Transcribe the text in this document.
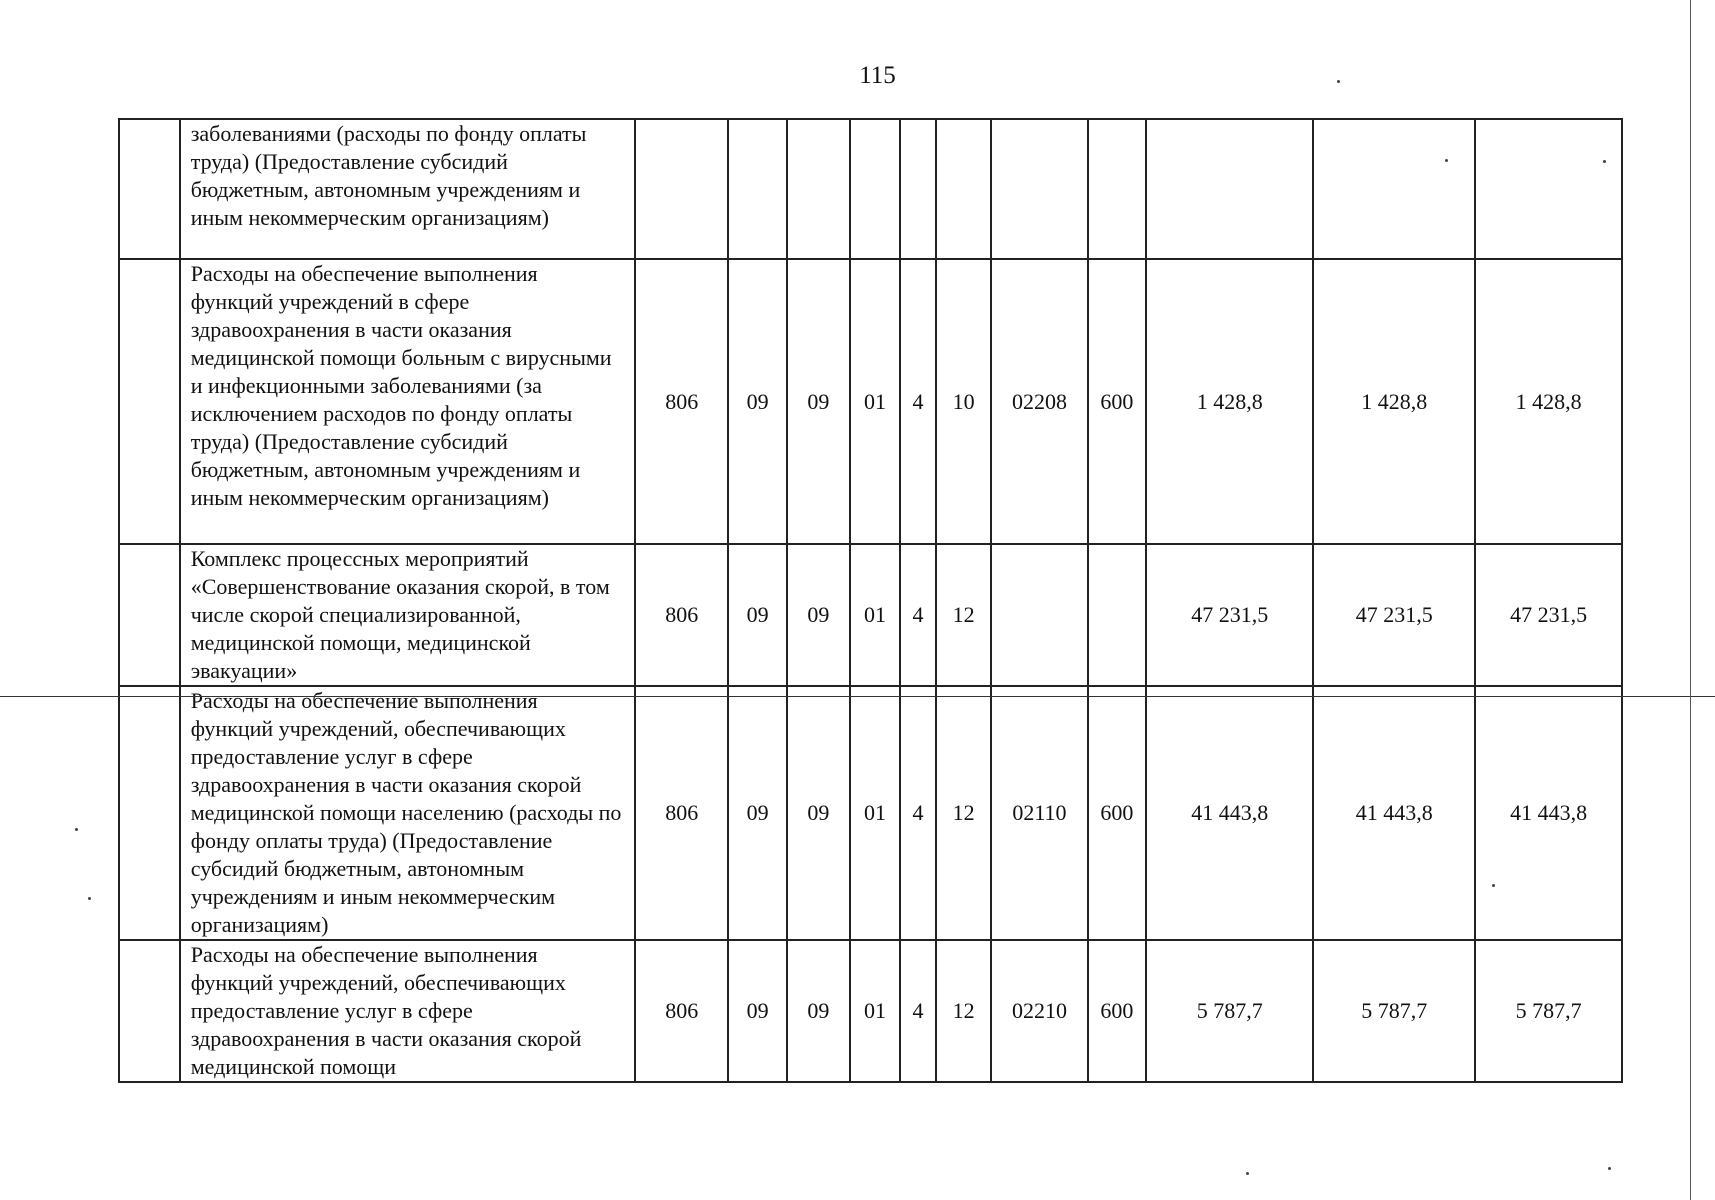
115
	заболеваниями (расходы по фонду оплаты труда) (Предоставление субсидий бюджетным, автономным учреждениям и иным некоммерческим организациям)											
	Расходы на обеспечение выполнения функций учреждений в сфере здравоохранения в части оказания медицинской помощи больным с вирусными и инфекционными заболеваниями (за исключением расходов по фонду оплаты труда) (Предоставление субсидий бюджетным, автономным учреждениям и иным некоммерческим организациям)	806	09	09	01	4	10	02208	600	1 428,8	1 428,8	1 428,8
	Комплекс процессных мероприятий «Совершенствование оказания скорой, в том числе скорой специализированной, медицинской помощи, медицинской эвакуации»	806	09	09	01	4	12			47 231,5	47 231,5	47 231,5
	Расходы на обеспечение выполнения функций учреждений, обеспечивающих предоставление услуг в сфере здравоохранения в части оказания скорой медицинской помощи населению (расходы по фонду оплаты труда) (Предоставление субсидий бюджетным, автономным учреждениям и иным некоммерческим организациям)	806	09	09	01	4	12	02110	600	41 443,8	41 443,8	41 443,8
	Расходы на обеспечение выполнения функций учреждений, обеспечивающих предоставление услуг в сфере здравоохранения в части оказания скорой медицинской помощи	806	09	09	01	4	12	02210	600	5 787,7	5 787,7	5 787,7
